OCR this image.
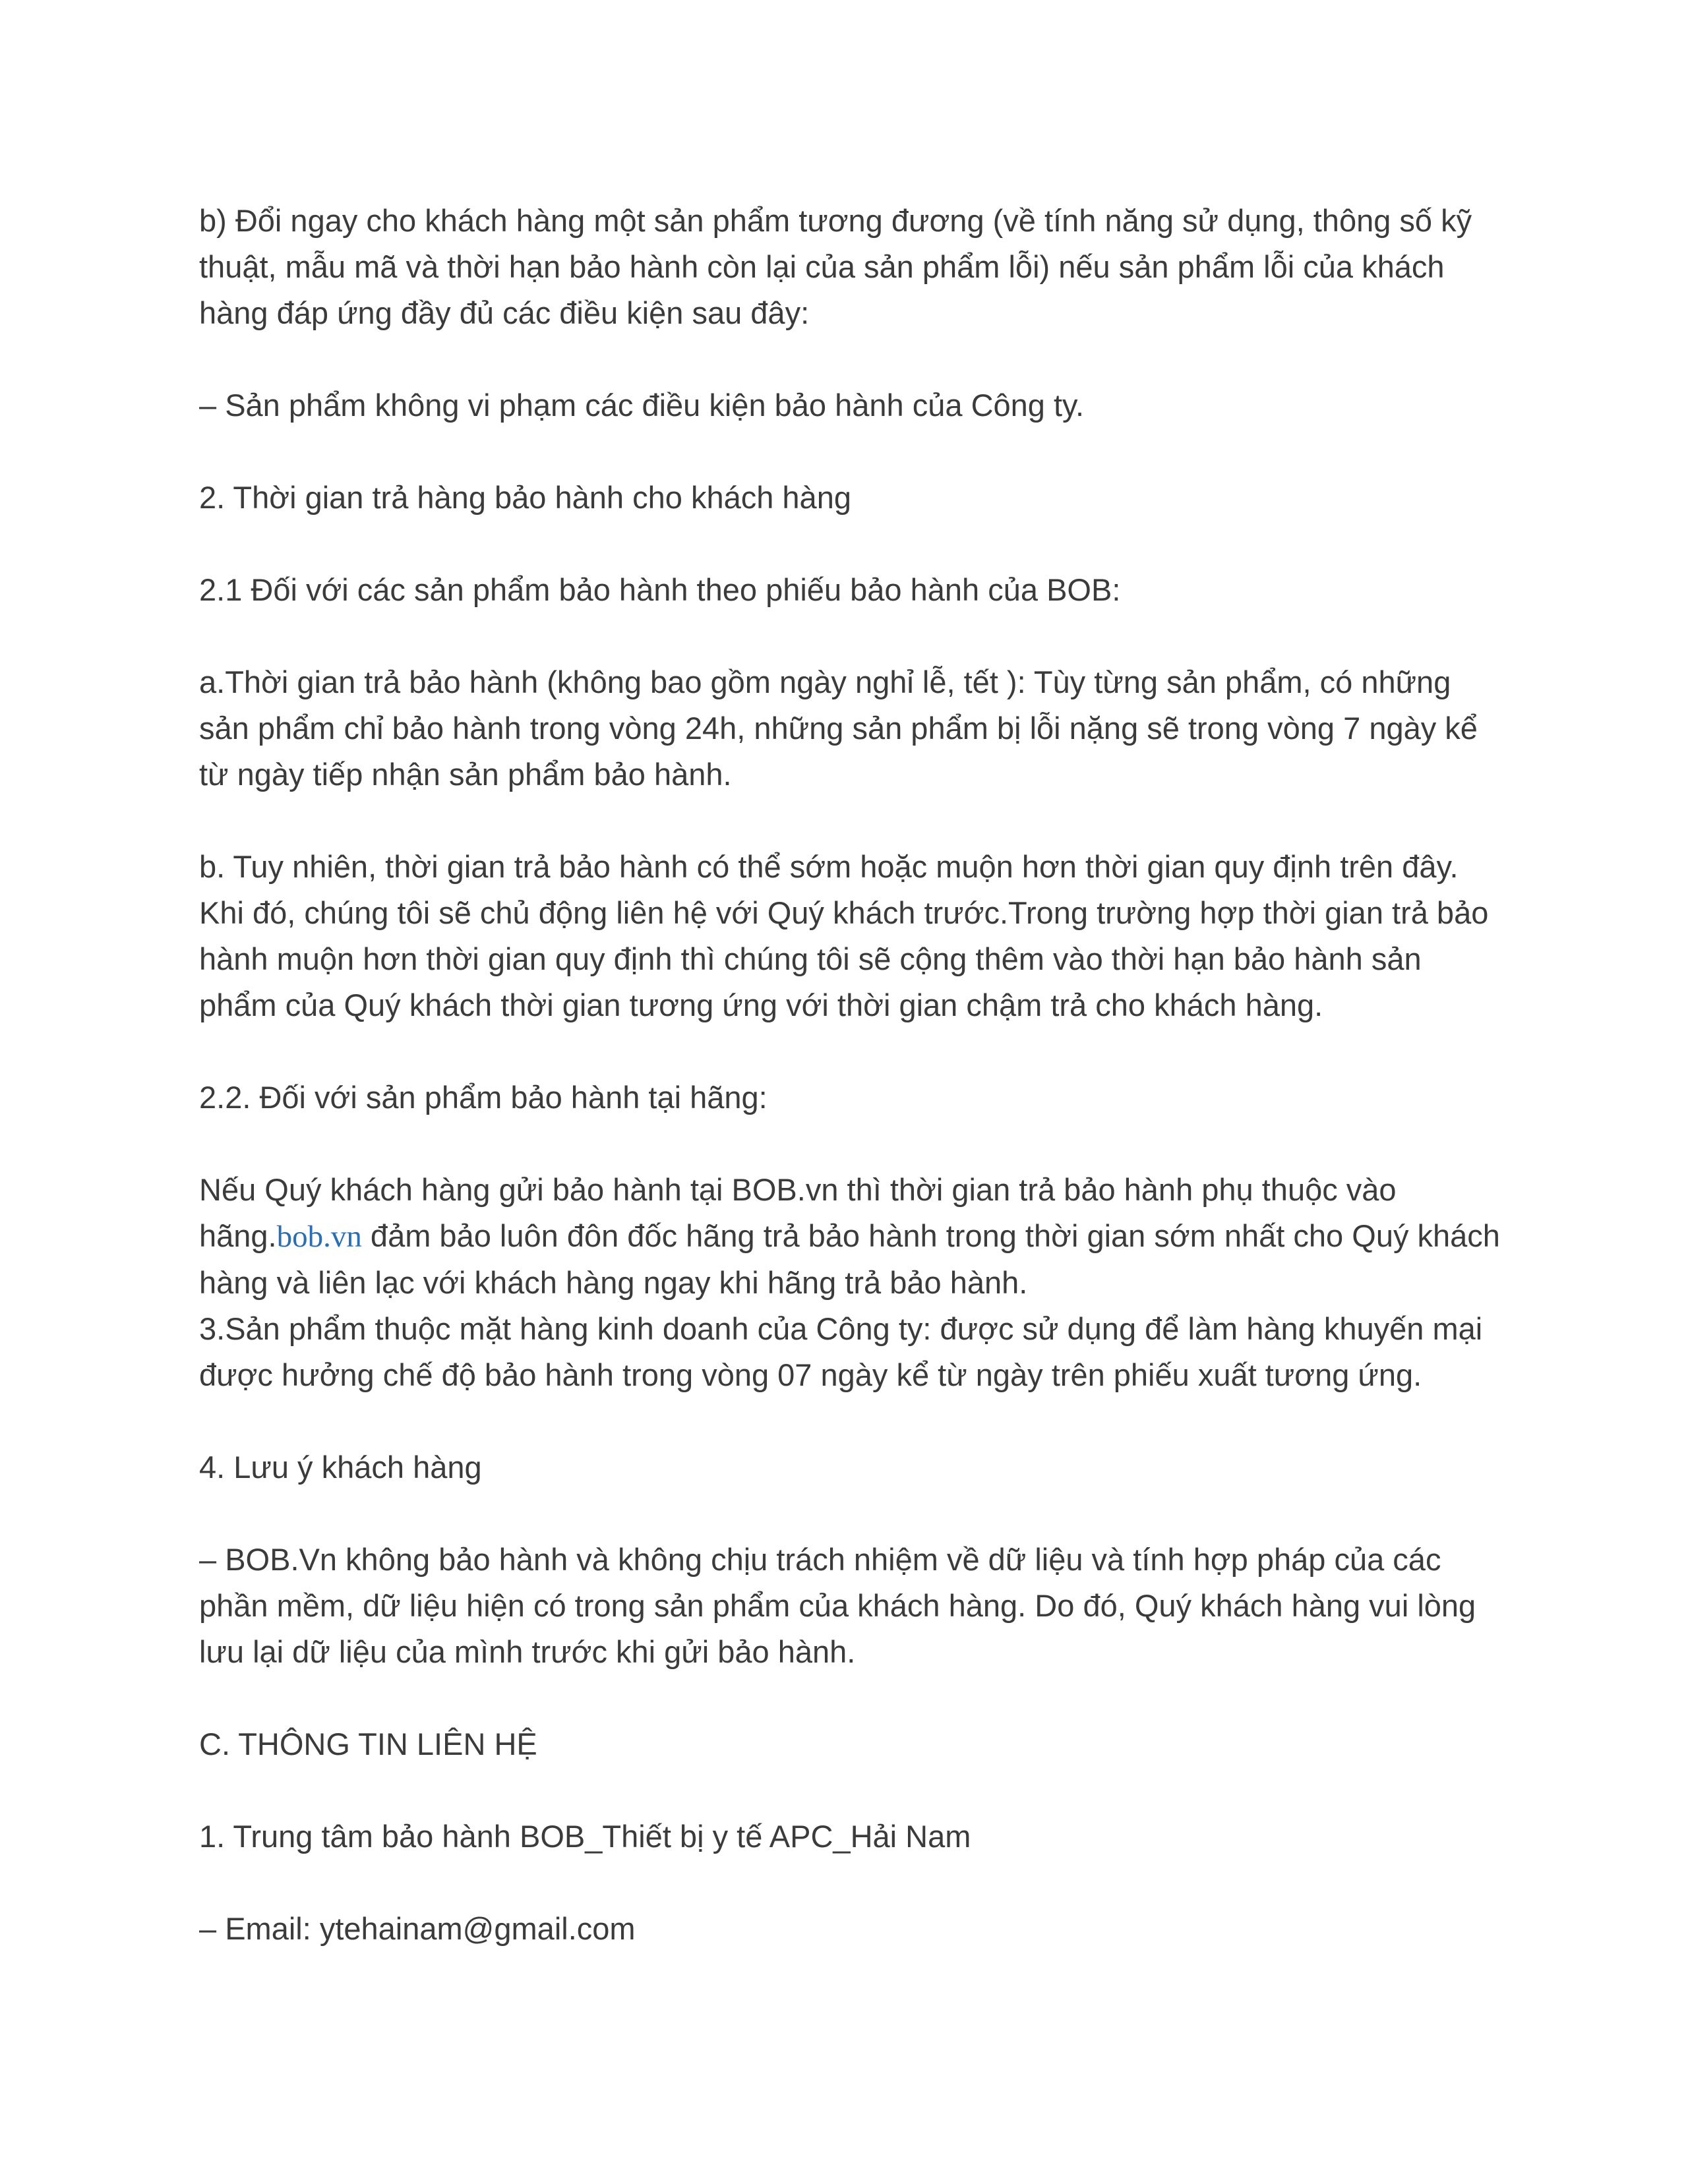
b) Đổi ngay cho khách hàng một sản phẩm tương đương (về tính năng sử dụng, thông số kỹ thuật, mẫu mã và thời hạn bảo hành còn lại của sản phẩm lỗi) nếu sản phẩm lỗi của khách hàng đáp ứng đầy đủ các điều kiện sau đây:

– Sản phẩm không vi phạm các điều kiện bảo hành của Công ty.

2. Thời gian trả hàng bảo hành cho khách hàng

2.1 Đối với các sản phẩm bảo hành theo phiếu bảo hành của BOB:

a.Thời gian trả bảo hành (không bao gồm ngày nghỉ lễ, tết ): Tùy từng sản phẩm, có những sản phẩm chỉ bảo hành trong vòng 24h, những sản phẩm bị lỗi nặng sẽ trong vòng 7 ngày kể từ ngày tiếp nhận sản phẩm bảo hành.

b. Tuy nhiên, thời gian trả bảo hành có thể sớm hoặc muộn hơn thời gian quy định trên đây. Khi đó, chúng tôi sẽ chủ động liên hệ với Quý khách trước.Trong trường hợp thời gian trả bảo hành muộn hơn thời gian quy định thì chúng tôi sẽ cộng thêm vào thời hạn bảo hành sản phẩm của Quý khách thời gian tương ứng với thời gian chậm trả cho khách hàng.

2.2. Đối với sản phẩm bảo hành tại hãng:

Nếu Quý khách hàng gửi bảo hành tại BOB.vn thì thời gian trả bảo hành phụ thuộc vào hãng.bob.vn đảm bảo luôn đôn đốc hãng trả bảo hành trong thời gian sớm nhất cho Quý khách hàng và liên lạc với khách hàng ngay khi hãng trả bảo hành.

3.Sản phẩm thuộc mặt hàng kinh doanh của Công ty: được sử dụng để làm hàng khuyến mại được hưởng chế độ bảo hành trong vòng 07 ngày kể từ ngày trên phiếu xuất tương ứng.

4. Lưu ý khách hàng

– BOB.Vn không bảo hành và không chịu trách nhiệm về dữ liệu và tính hợp pháp của các phần mềm, dữ liệu hiện có trong sản phẩm của khách hàng. Do đó, Quý khách hàng vui lòng lưu lại dữ liệu của mình trước khi gửi bảo hành.

C. THÔNG TIN LIÊN HỆ

1. Trung tâm bảo hành BOB_Thiết bị y tế APC_Hải Nam

– Email: ytehainam@gmail.com
